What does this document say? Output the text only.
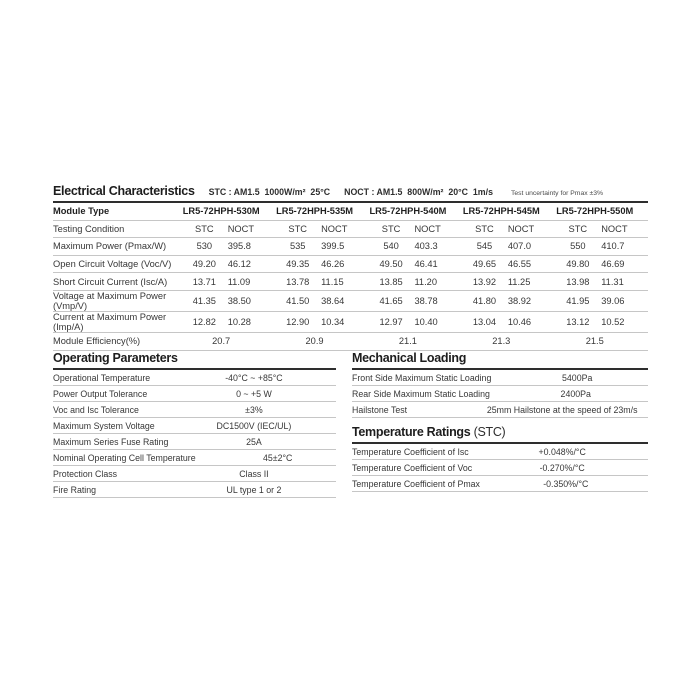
Electrical Characteristics STC : AM1.5  1000W/m²  25°C NOCT : AM1.5  800W/m²  20°C  1m/s	Test uncertainty for Pmax ±3%
Module Type	LR5-72HPH-530M		LR5-72HPH-535M		LR5-72HPH-540M		LR5-72HPH-545M		LR5-72HPH-550M	
Testing Condition	STC	NOCT	STC	NOCT	STC	NOCT	STC	NOCT	STC	NOCT
Maximum Power (Pmax/W)	530	395.8	535	399.5	540	403.3	545	407.0	550	410.7
Open Circuit Voltage (Voc/V)	49.20	46.12	49.35	46.26	49.50	46.41	49.65	46.55	49.80	46.69
Short Circuit Current (Isc/A)	13.71	11.09	13.78	11.15	13.85	11.20	13.92	11.25	13.98	11.31
Voltage at Maximum Power (Vmp/V)	41.35	38.50	41.50	38.64	41.65	38.78	41.80	38.92	41.95	39.06
Current at Maximum Power (Imp/A)	12.82	10.28	12.90	10.34	12.97	10.40	13.04	10.46	13.12	10.52
Module Efficiency(%)	20.7		20.9		21.1		21.3		21.5	
Operating Parameters
Operational Temperature	-40°C ~ +85°C
Power Output Tolerance	0 ~ +5 W
Voc and Isc Tolerance	±3%
Maximum System Voltage	DC1500V (IEC/UL)
Maximum Series Fuse Rating	25A
Nominal Operating Cell Temperature	45±2°C
Protection Class	Class II
Fire Rating	UL type 1 or 2
Mechanical Loading
Front Side Maximum Static Loading	5400Pa
Rear Side Maximum Static Loading	2400Pa
Hailstone Test	25mm Hailstone at the speed of 23m/s
Temperature Ratings (STC)
Temperature Coefficient of Isc	+0.048%/°C
Temperature Coefficient of Voc	-0.270%/°C
Temperature Coefficient of Pmax	-0.350%/°C
